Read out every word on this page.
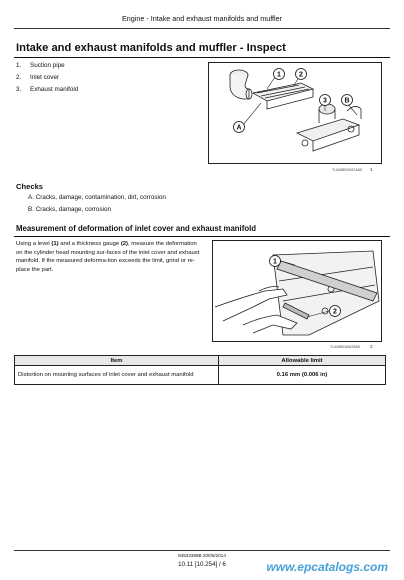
Engine - Intake and exhaust manifolds and muffler
Intake and exhaust manifolds and muffler - Inspect
1.	Suction pipe
2.	Inlet cover
3.	Exhaust manifold
1	2
3
A
B
TLIU08EN00474AB 1
Checks
A. Cracks, damage, contamination, dirt, corrosion
B. Cracks, damage, corrosion
Measurement of deformation of inlet cover and exhaust manifold
Using a level (1) and a thickness gauge (2), measure the deformation on the cylinder head mounting sur-faces of the inlet cover and exhaust manifold. If the measured deforma-tion exceeds the limit, grind or re-place the part.
1
2
TLIU08EN00475AB 2
Item	Allowable limit
Distortion on mounting surfaces of inlet cover and exhaust manifold	0.16 mm (0.006 in)
84533356B 20/05/2014
10.11 [10.254] / 6	www.epcatalogs.com
